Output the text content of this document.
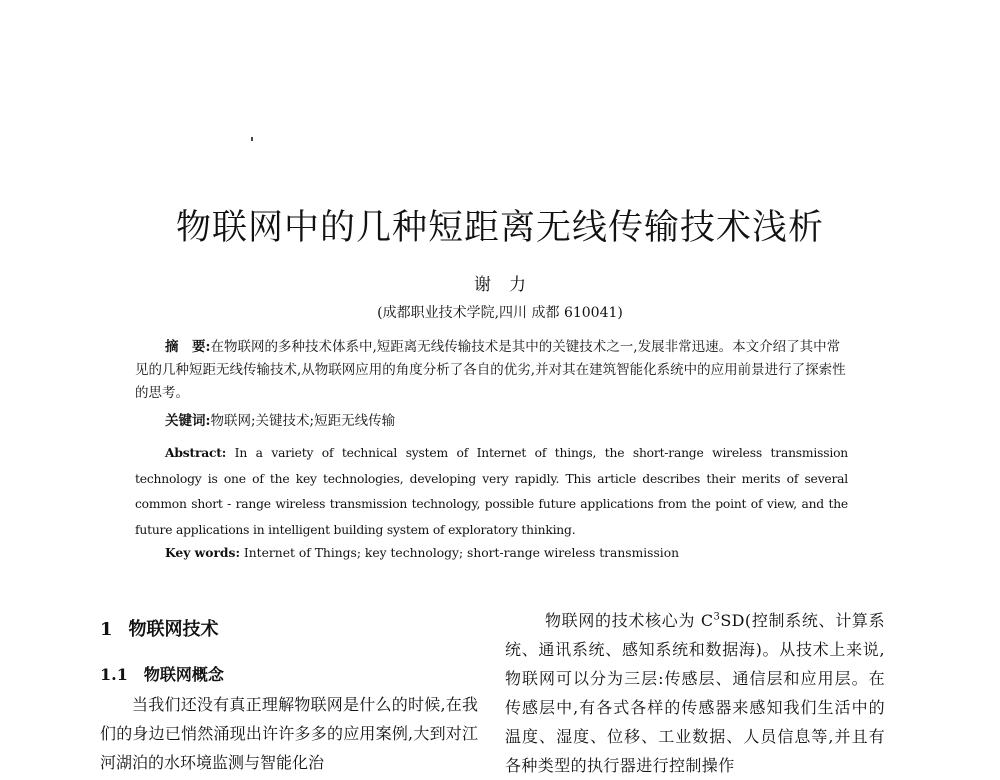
物联网中的几种短距离无线传输技术浅析
谢力
(成都职业技术学院,四川 成都 610041)
摘　要:在物联网的多种技术体系中,短距离无线传输技术是其中的关键技术之一,发展非常迅速。本文介绍了其中常见的几种短距无线传输技术,从物联网应用的角度分析了各自的优劣,并对其在建筑智能化系统中的应用前景进行了探索性的思考。
关键词:物联网;关键技术;短距无线传输
Abstract: In a variety of technical system of Internet of things, the short-range wireless transmission technology is one of the key technologies, developing very rapidly. This article describes their merits of several common short - range wireless transmission technology, possible future applications from the point of view, and the future applications in intelligent building system of exploratory thinking.
Key words: Internet of Things; key technology; short-range wireless transmission
1 物联网技术
1.1 物联网概念

当我们还没有真正理解物联网是什么的时候,在我们的身边已悄然涌现出许许多多的应用案例,大到对江河湖泊的水环境监测与智能化治

物联网的技术核心为 $C^3SD$(控制系统、计算系统、通讯系统、感知系统和数据海)。从技术上来说,物联网可以分为三层:传感层、通信层和应用层。在传感层中,有各式各样的传感器来感知我们生活中的温度、湿度、位移、工业数据、人员信息等,并且有各种类型的执行器进行控制操作
